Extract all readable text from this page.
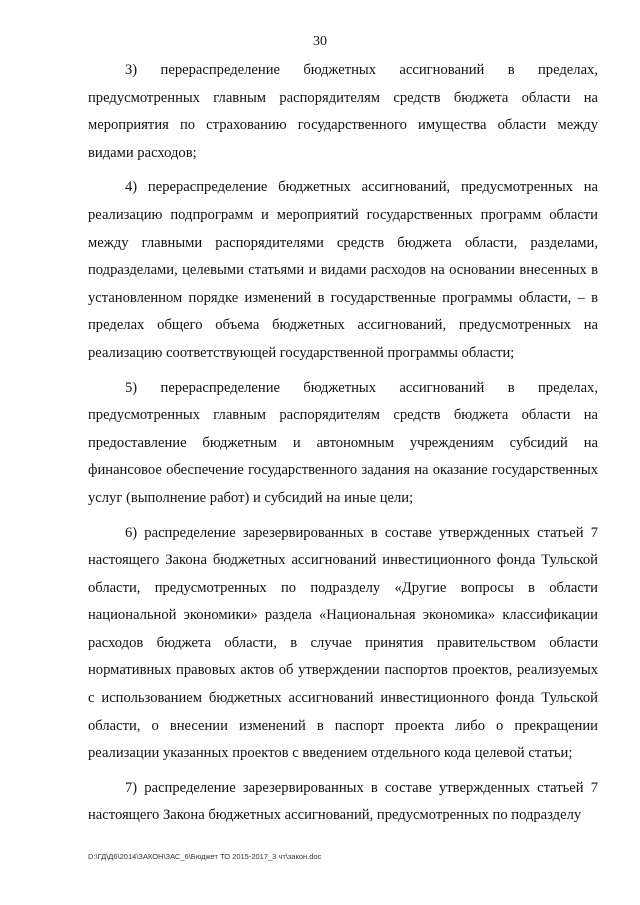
30

3) перераспределение бюджетных ассигнований в пределах, предусмотренных главным распорядителям средств бюджета области на мероприятия по страхованию государственного имущества области между видами расходов;

4) перераспределение бюджетных ассигнований, предусмотренных на реализацию подпрограмм и мероприятий государственных программ области между главными распорядителями средств бюджета области, разделами, подразделами, целевыми статьями и видами расходов на основании внесенных в установленном порядке изменений в государственные программы области, – в пределах общего объема бюджетных ассигнований, предусмотренных на реализацию соответствующей государственной программы области;

5) перераспределение бюджетных ассигнований в пределах, предусмотренных главным распорядителям средств бюджета области на предоставление бюджетным и автономным учреждениям субсидий на финансовое обеспечение государственного задания на оказание государственных услуг (выполнение работ) и субсидий на иные цели;

6) распределение зарезервированных в составе утвержденных статьей 7 настоящего Закона бюджетных ассигнований инвестиционного фонда Тульской области, предусмотренных по подразделу «Другие вопросы в области национальной экономики» раздела «Национальная экономика» классификации расходов бюджета области, в случае принятия правительством области нормативных правовых актов об утверждении паспортов проектов, реализуемых с использованием бюджетных ассигнований инвестиционного фонда Тульской области, о внесении изменений в паспорт проекта либо о прекращении реализации указанных проектов с введением отдельного кода целевой статьи;

7) распределение зарезервированных в составе утвержденных статьей 7 настоящего Закона бюджетных ассигнований, предусмотренных по подразделу

D:\ГД\Д6\2014\ЗАКОН\ЗАС_6\Бюджет ТО 2015-2017_3 чт\закон.doc
